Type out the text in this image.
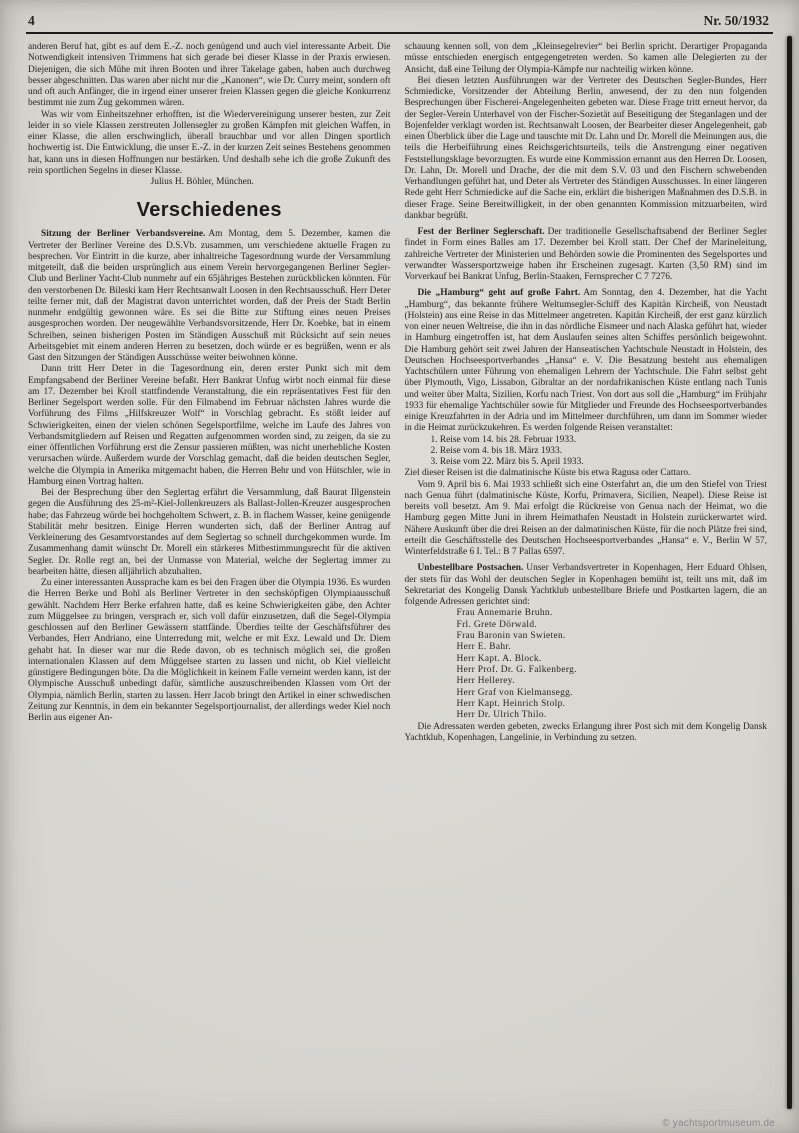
4	Nr. 50/1932

anderen Beruf hat, gibt es auf dem E.-Z. noch genügend und auch viel interessante Arbeit. Die Notwendigkeit intensiven Trimmens hat sich gerade bei dieser Klasse in der Praxis erwiesen. Diejenigen, die sich Mühe mit ihren Booten und ihrer Takelage gaben, haben auch durchweg besser abgeschnitten. Das waren aber nicht nur die „Kanonen“, wie Dr. Curry meint, sondern oft und oft auch Anfänger, die in irgend einer unserer freien Klassen gegen die gleiche Konkurrenz bestimmt nie zum Zug gekommen wären.

Was wir vom Einheitszehner erhofften, ist die Wiedervereinigung unserer besten, zur Zeit leider in so viele Klassen zerstreuten Jollensegler zu großen Kämpfen mit gleichen Waffen, in einer Klasse, die allen erschwinglich, überall brauchbar und vor allen Dingen sportlich hochwertig ist. Die Entwicklung, die unser E.-Z. in der kurzen Zeit seines Bestehens genommen hat, kann uns in diesen Hoffnungen nur bestärken. Und deshalb sehe ich die große Zukunft des rein sportlichen Segelns in dieser Klasse.

Julius H. Böhler, München.

Verschiedenes

Sitzung der Berliner Verbandsvereine. Am Montag, dem 5. Dezember, kamen die Vertreter der Berliner Vereine des D.S.Vb. zusammen, um verschiedene aktuelle Fragen zu besprechen. Vor Eintritt in die kurze, aber inhaltreiche Tagesordnung wurde der Versammlung mitgeteilt, daß die beiden ursprünglich aus einem Verein hervorgegangenen Berliner Segler-Club und Berliner Yacht-Club nunmehr auf ein 65jähriges Bestehen zurückblicken könnten. Für den verstorbenen Dr. Bileski kam Herr Rechtsanwalt Loosen in den Rechtsausschuß. Herr Deter teilte ferner mit, daß der Magistrat davon unterrichtet worden, daß der Preis der Stadt Berlin nunmehr endgültig gewonnen wäre. Es sei die Bitte zur Stiftung eines neuen Preises ausgesprochen worden. Der neugewählte Verbandsvorsitzende, Herr Dr. Koebke, bat in einem Schreiben, seinen bisherigen Posten im Ständigen Ausschuß mit Rücksicht auf sein neues Arbeitsgebiet mit einem anderen Herren zu besetzen, doch würde er es begrüßen, wenn er als Gast den Sitzungen der Ständigen Ausschüsse weiter beiwohnen könne.

Dann tritt Herr Deter in die Tagesordnung ein, deren erster Punkt sich mit dem Empfangsabend der Berliner Vereine befaßt. Herr Bankrat Unfug wirbt noch einmal für diese am 17. Dezember bei Kroll stattfindende Veranstaltung, die ein repräsentatives Fest für den Berliner Segelsport werden solle. Für den Filmabend im Februar nächsten Jahres wurde die Vorführung des Films „Hilfskreuzer Wolf“ in Vorschlag gebracht. Es stößt leider auf Schwierigkeiten, einen der vielen schönen Segelsportfilme, welche im Laufe des Jahres von Verbandsmitgliedern auf Reisen und Regatten aufgenommen worden sind, zu zeigen, da sie zu einer öffentlichen Vorführung erst die Zensur passieren müßten, was nicht unerhebliche Kosten verursachen würde. Außerdem wurde der Vorschlag gemacht, daß die beiden deutschen Segler, welche die Olympia in Amerika mitgemacht haben, die Herren Behr und von Hütschler, wie in Hamburg einen Vortrag halten.

Bei der Besprechung über den Seglertag erfährt die Versammlung, daß Baurat Illgenstein gegen die Ausführung des 25-m²-Kiel-Jollenkreuzers als Ballast-Jollen-Kreuzer ausgesprochen habe; das Fahrzeug würde bei hochgeholtem Schwert, z. B. in flachem Wasser, keine genügende Stabilität mehr besitzen. Einige Herren wunderten sich, daß der Berliner Antrag auf Verkleinerung des Gesamtvorstandes auf dem Seglertag so schnell durchgekommen wurde. Im Zusammenhang damit wünscht Dr. Morell ein stärkeres Mitbestimmungsrecht für die aktiven Segler. Dr. Rolle regt an, bei der Unmasse von Material, welche der Seglertag immer zu bearbeiten hätte, diesen alljährlich abzuhalten.

Zu einer interessanten Aussprache kam es bei den Fragen über die Olympia 1936. Es wurden die Herren Berke und Bohl als Berliner Vertreter in den sechsköpfigen Olympiaausschuß gewählt. Nachdem Herr Berke erfahren hatte, daß es keine Schwierigkeiten gäbe, den Achter zum Müggelsee zu bringen, versprach er, sich voll dafür einzusetzen, daß die Segel-Olympia geschlossen auf den Berliner Gewässern stattfände. Überdies teilte der Geschäftsführer des Verbandes, Herr Andriano, eine Unterredung mit, welche er mit Exz. Lewald und Dr. Diem gehabt hat. In dieser war nur die Rede davon, ob es technisch möglich sei, die großen internationalen Klassen auf dem Müggelsee starten zu lassen und nicht, ob Kiel vielleicht günstigere Bedingungen böte. Da die Möglichkeit in keinem Falle verneint werden kann, ist der Olympische Ausschuß unbedingt dafür, sämtliche auszuschreibenden Klassen vom Ort der Olympia, nämlich Berlin, starten zu lassen. Herr Jacob bringt den Artikel in einer schwedischen Zeitung zur Kenntnis, in dem ein bekannter Segelsportjournalist, der allerdings weder Kiel noch Berlin aus eigener An-

schauung kennen soll, von dem „Kleinsegelrevier“ bei Berlin spricht. Derartiger Propaganda müsse entschieden energisch entgegengetreten werden. So kamen alle Delegierten zu der Ansicht, daß eine Teilung der Olympia-Kämpfe nur nachteilig wirken könne.

Bei diesen letzten Ausführungen war der Vertreter des Deutschen Segler-Bundes, Herr Schmiedicke, Vorsitzender der Abteilung Berlin, anwesend, der zu den nun folgenden Besprechungen über Fischerei-Angelegenheiten gebeten war. Diese Frage tritt erneut hervor, da der Segler-Verein Unterhavel von der Fischer-Sozietät auf Beseitigung der Steganlagen und der Bojenfelder verklagt worden ist. Rechtsanwalt Loosen, der Bearbeiter dieser Angelegenheit, gab einen Überblick über die Lage und tauschte mit Dr. Lahn und Dr. Morell die Meinungen aus, die teils die Herbeiführung eines Reichsgerichtsurteils, teils die Anstrengung einer negativen Feststellungsklage bevorzugten. Es wurde eine Kommission ernannt aus den Herren Dr. Loosen, Dr. Lahn, Dr. Morell und Drache, der die mit dem S.V. 03 und den Fischern schwebenden Verhandlungen geführt hat, und Deter als Vertreter des Ständigen Ausschusses. In einer längeren Rede geht Herr Schmiedicke auf die Sache ein, erklärt die bisherigen Maßnahmen des D.S.B. in dieser Frage. Seine Bereitwilligkeit, in der oben genannten Kommission mitzuarbeiten, wird dankbar begrüßt.

Fest der Berliner Seglerschaft. Der traditionelle Gesellschaftsabend der Berliner Segler findet in Form eines Balles am 17. Dezember bei Kroll statt. Der Chef der Marineleitung, zahlreiche Vertreter der Ministerien und Behörden sowie die Prominenten des Segelsportes und verwandter Wassersportzweige haben ihr Erscheinen zugesagt. Karten (3,50 RM) sind im Vorverkauf bei Bankrat Unfug, Berlin-Staaken, Fernsprecher C 7 7276.

Die „Hamburg“ geht auf große Fahrt. Am Sonntag, den 4. Dezember, hat die Yacht „Hamburg“, das bekannte frühere Weltumsegler-Schiff des Kapitän Kircheiß, von Neustadt (Holstein) aus eine Reise in das Mittelmeer angetreten. Kapitän Kircheiß, der erst ganz kürzlich von einer neuen Weltreise, die ihn in das nördliche Eismeer und nach Alaska geführt hat, wieder in Hamburg eingetroffen ist, hat dem Auslaufen seines alten Schiffes persönlich beigewohnt. Die Hamburg gehört seit zwei Jahren der Hanseatischen Yachtschule Neustadt in Holstein, des Deutschen Hochseesportverbandes „Hansa“ e. V. Die Besatzung besteht aus ehemaligen Yachtschülern unter Führung von ehemaligen Lehrern der Yachtschule. Die Fahrt selbst geht über Plymouth, Vigo, Lissabon, Gibraltar an der nordafrikanischen Küste entlang nach Tunis und weiter über Malta, Sizilien, Korfu nach Triest. Von dort aus soll die „Hamburg“ im Frühjahr 1933 für ehemalige Yachtschüler sowie für Mitglieder und Freunde des Hochseesportverbandes einige Kreuzfahrten in der Adria und im Mittelmeer durchführen, um dann im Sommer wieder in die Heimat zurückzukehren. Es werden folgende Reisen veranstaltet:

1. Reise vom 14. bis 28. Februar 1933.
2. Reise vom 4. bis 18. März 1933.
3. Reise vom 22. März bis 5. April 1933.

Ziel dieser Reisen ist die dalmatinische Küste bis etwa Ragusa oder Cattaro.

Vom 9. April bis 6. Mai 1933 schließt sich eine Osterfahrt an, die um den Stiefel von Triest nach Genua führt (dalmatinische Küste, Korfu, Primavera, Sicilien, Neapel). Diese Reise ist bereits voll besetzt. Am 9. Mai erfolgt die Rückreise von Genua nach der Heimat, wo die Hamburg gegen Mitte Juni in ihrem Heimathafen Neustadt in Holstein zurückerwartet wird. Nähere Auskunft über die drei Reisen an der dalmatinischen Küste, für die noch Plätze frei sind, erteilt die Geschäftsstelle des Deutschen Hochseesportverbandes „Hansa“ e. V., Berlin W 57, Winterfeldstraße 6 I. Tel.: B 7 Pallas 6597.

Unbestellbare Postsachen. Unser Verbandsvertreter in Kopenhagen, Herr Eduard Ohlsen, der stets für das Wohl der deutschen Segler in Kopenhagen bemüht ist, teilt uns mit, daß im Sekretariat des Kongelig Dansk Yachtklub unbestellbare Briefe und Postkarten lagern, die an folgende Adressen gerichtet sind:

Frau Annemarie Bruhn.
Frl. Grete Dörwald.
Frau Baronin van Swieten.
Herr E. Bahr.
Herr Kapt. A. Block.
Herr Prof. Dr. G. Falkenberg.
Herr Hellerey.
Herr Graf von Kielmansegg.
Herr Kapt. Heinrich Stolp.
Herr Dr. Ulrich Thilo.

Die Adressaten werden gebeten, zwecks Erlangung ihrer Post sich mit dem Kongelig Dansk Yachtklub, Kopenhagen, Langelinie, in Verbindung zu setzen.

© yachtsportmuseum.de
